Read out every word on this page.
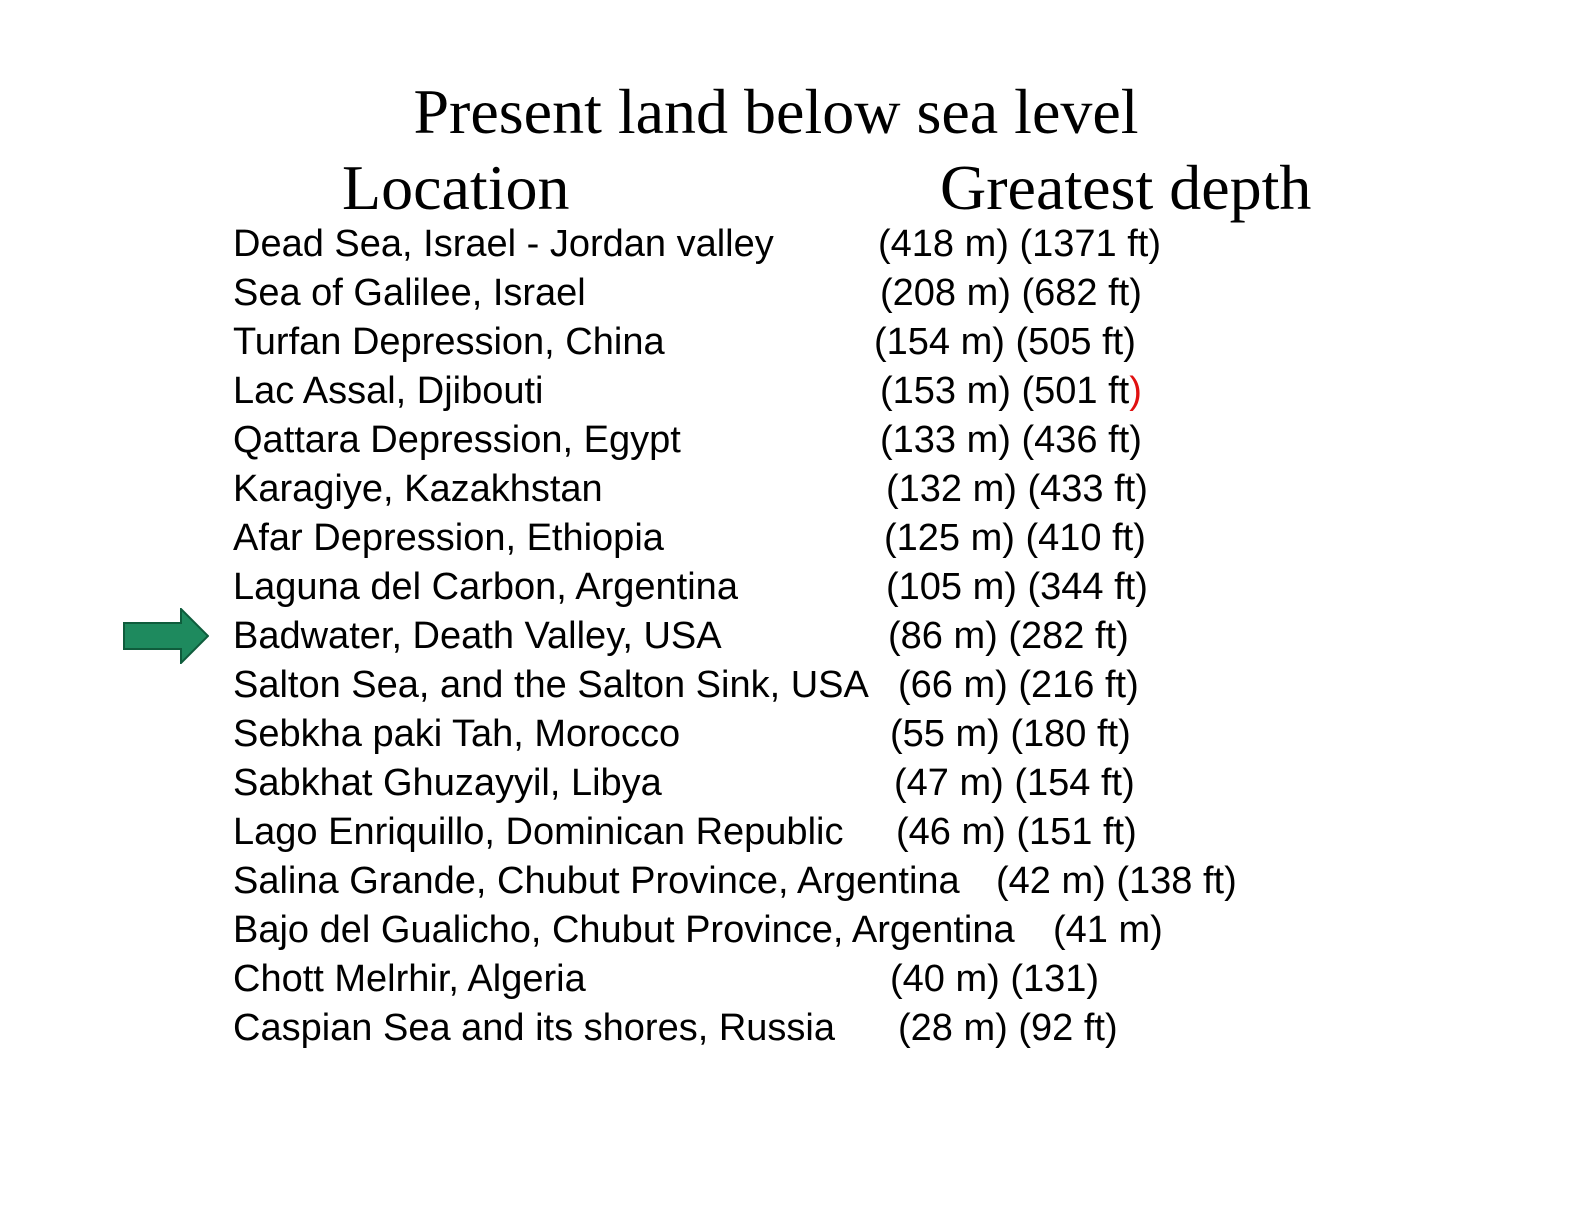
Present land below sea level
Location	Greatest depth
Dead Sea, Israel - Jordan valley	(418 m) (1371 ft)
Sea of Galilee, Israel	(208 m) (682 ft)
Turfan Depression, China	(154 m) (505 ft)
Lac Assal, Djibouti	(153 m) (501 ft)
Qattara Depression, Egypt	(133 m) (436 ft)
Karagiye, Kazakhstan	(132 m) (433 ft)
Afar Depression, Ethiopia	(125 m) (410 ft)
Laguna del Carbon, Argentina	(105 m) (344 ft)
Badwater, Death Valley, USA	(86 m) (282 ft)
Salton Sea, and the Salton Sink, USA (66 m) (216 ft)
Sebkha paki Tah, Morocco	(55 m) (180 ft)
Sabkhat Ghuzayyil, Libya	(47 m) (154 ft)
Lago Enriquillo, Dominican Republic (46 m) (151 ft)
Salina Grande, Chubut Province, Argentina (42 m) (138 ft)
Bajo del Gualicho, Chubut Province, Argentina (41 m)
Chott Melrhir, Algeria	(40 m) (131)
Caspian Sea and its shores, Russia (28 m) (92 ft)
